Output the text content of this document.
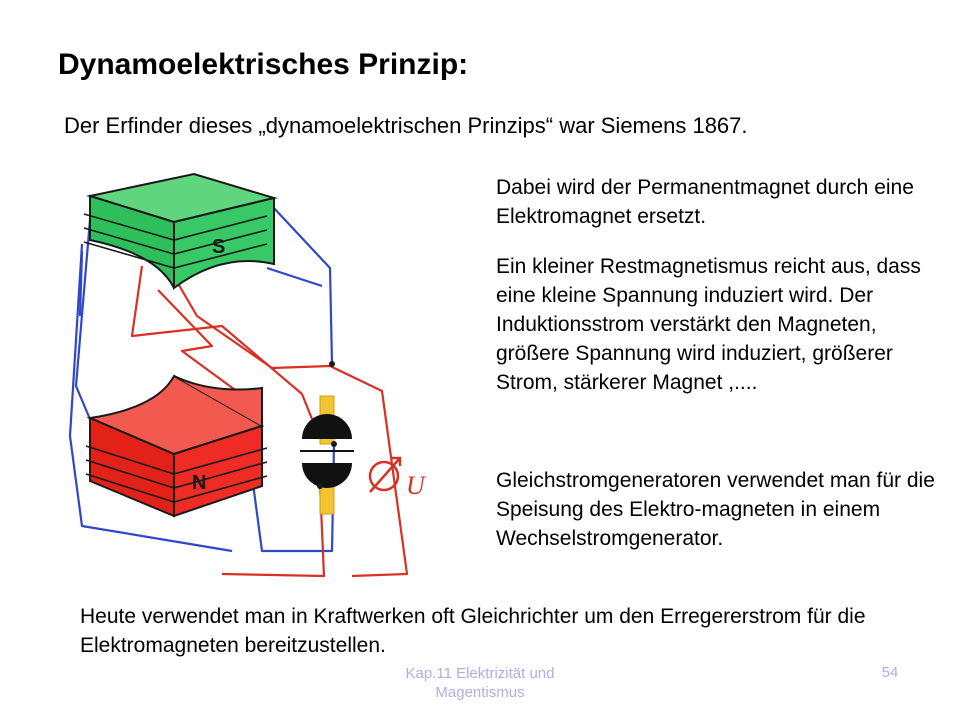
Dynamoelektrisches Prinzip:
Der Erfinder dieses „dynamoelektrischen Prinzips“ war Siemens 1867.
S
N	U
Dabei wird der Permanentmagnet durch eine Elektromagnet ersetzt.
Ein kleiner Restmagnetismus reicht aus, dass eine kleine Spannung induziert wird. Der Induktionsstrom verstärkt den Magneten, größere Spannung wird induziert, größerer Strom, stärkerer Magnet ,....
Gleichstromgeneratoren verwendet man für die Speisung des Elektro-magneten in einem Wechselstromgenerator.
Heute verwendet man in Kraftwerken oft Gleichrichter um den Erregererstrom für die Elektromagneten bereitzustellen.
Kap.11 Elektrizität und Magentismus
54
